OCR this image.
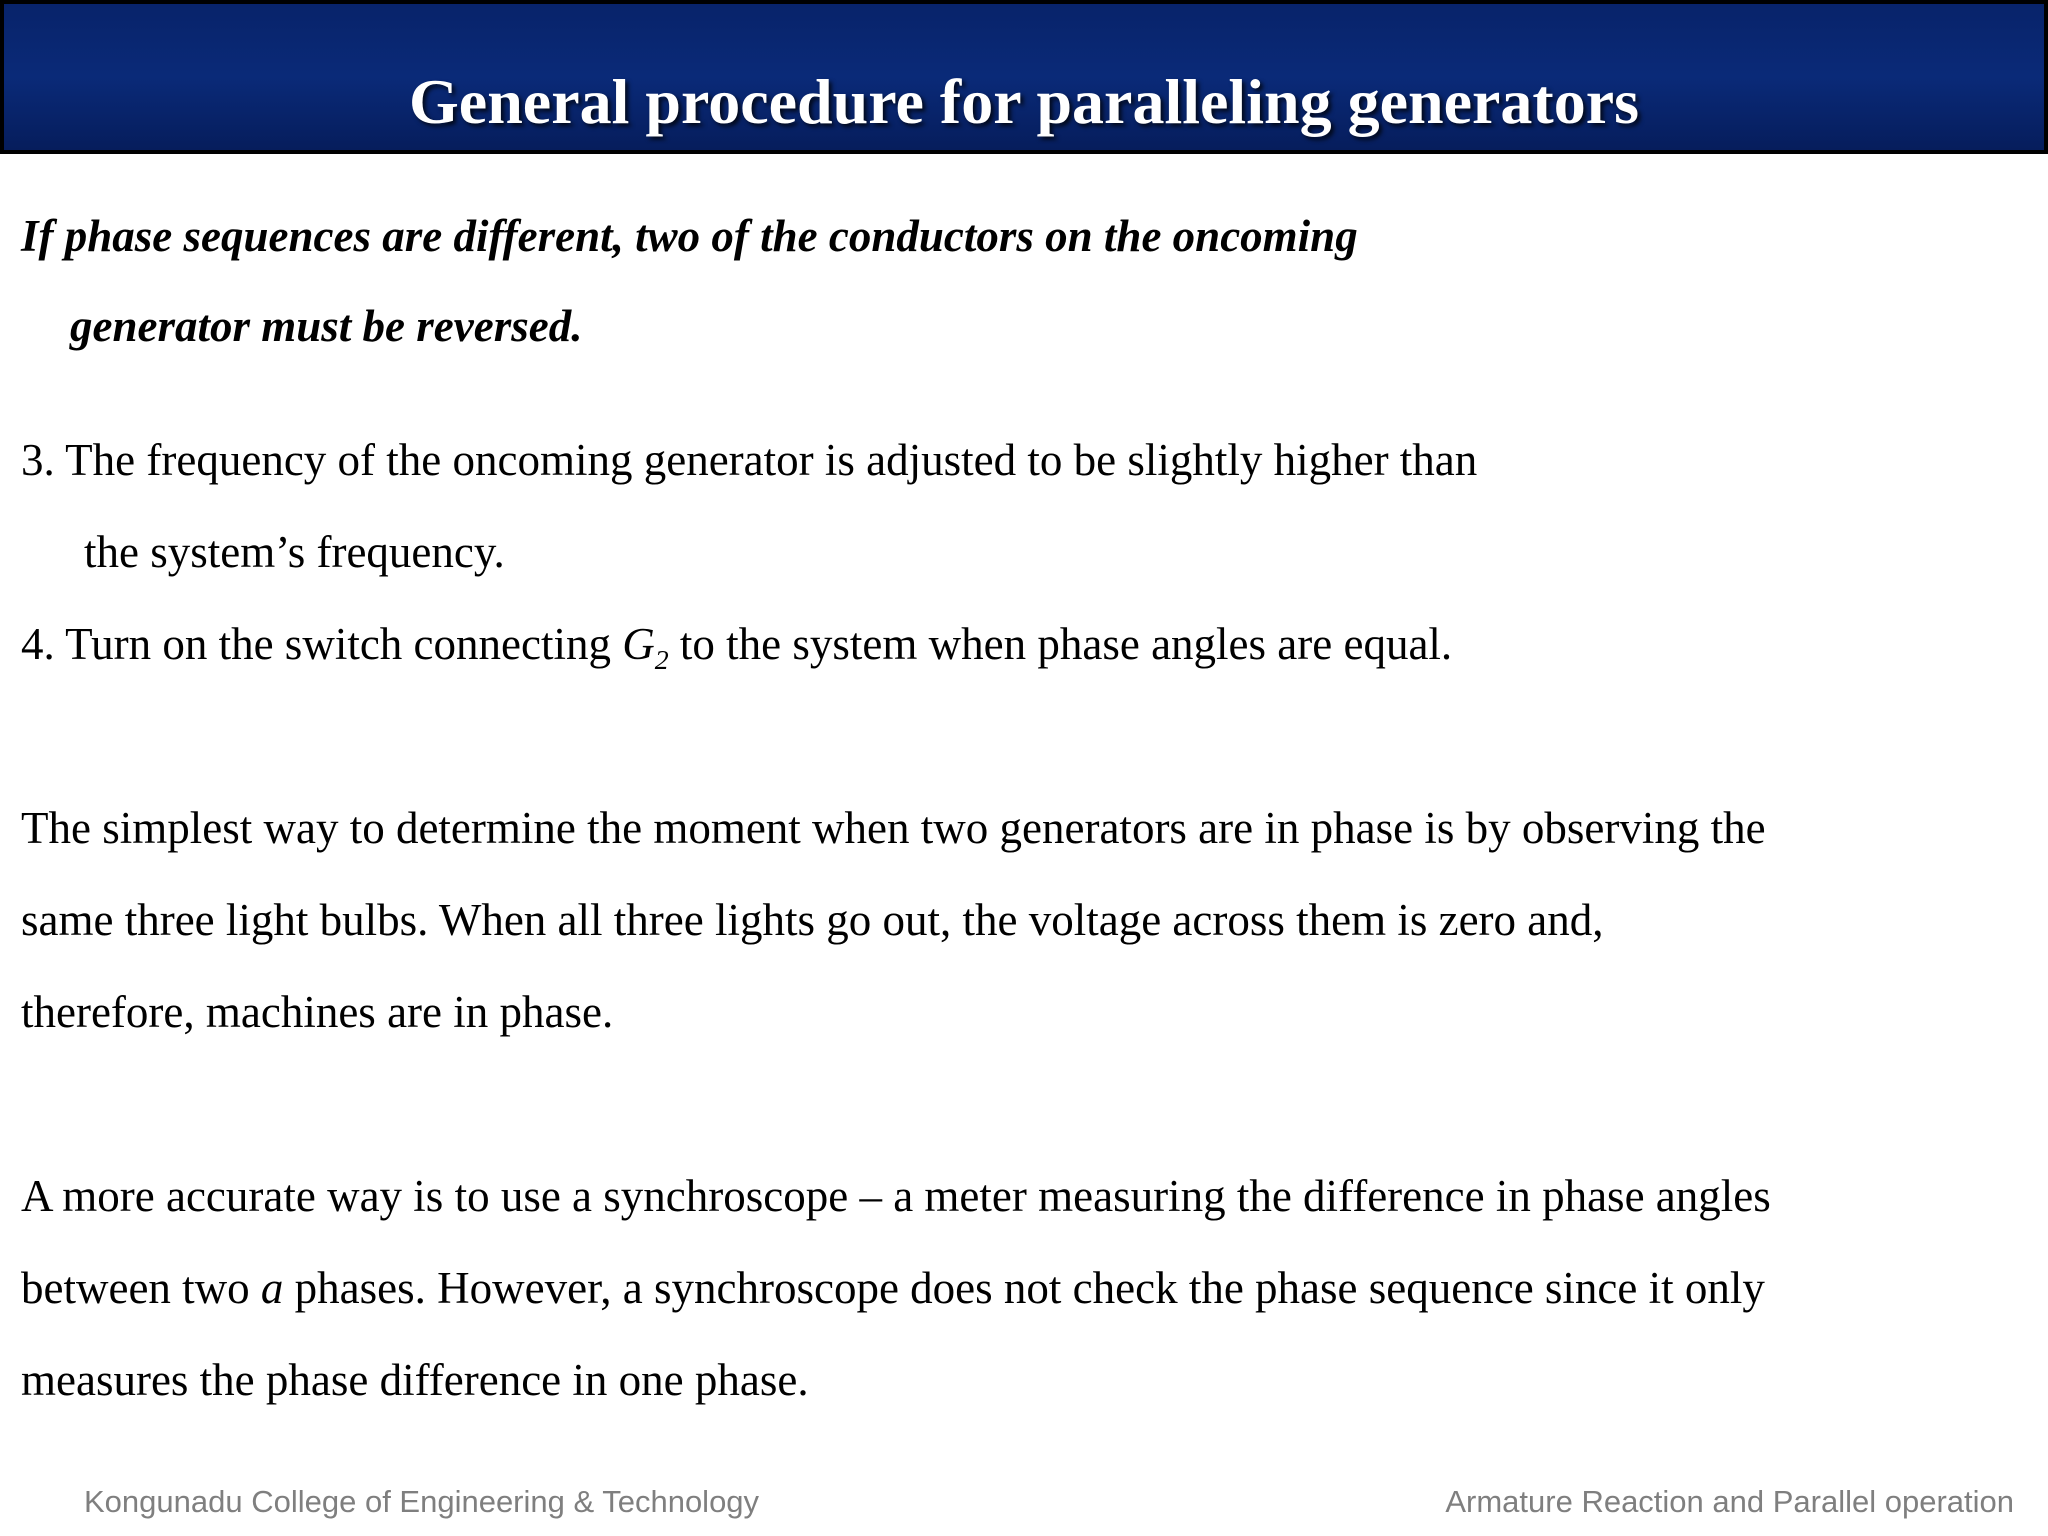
General procedure for paralleling generators
If phase sequences are different, two of the conductors on the oncoming
generator must be reversed.
3. The frequency of the oncoming generator is adjusted to be slightly higher than
the system’s frequency.
4. Turn on the switch connecting $G_2$ to the system when phase angles are equal.
The simplest way to determine the moment when two generators are in phase is by observing the
same three light bulbs. When all three lights go out, the voltage across them is zero and,
therefore, machines are in phase.
A more accurate way is to use a synchroscope – a meter measuring the difference in phase angles
between two a phases. However, a synchroscope does not check the phase sequence since it only
measures the phase difference in one phase.
Kongunadu College of Engineering & Technology	Armature Reaction and Parallel operation
